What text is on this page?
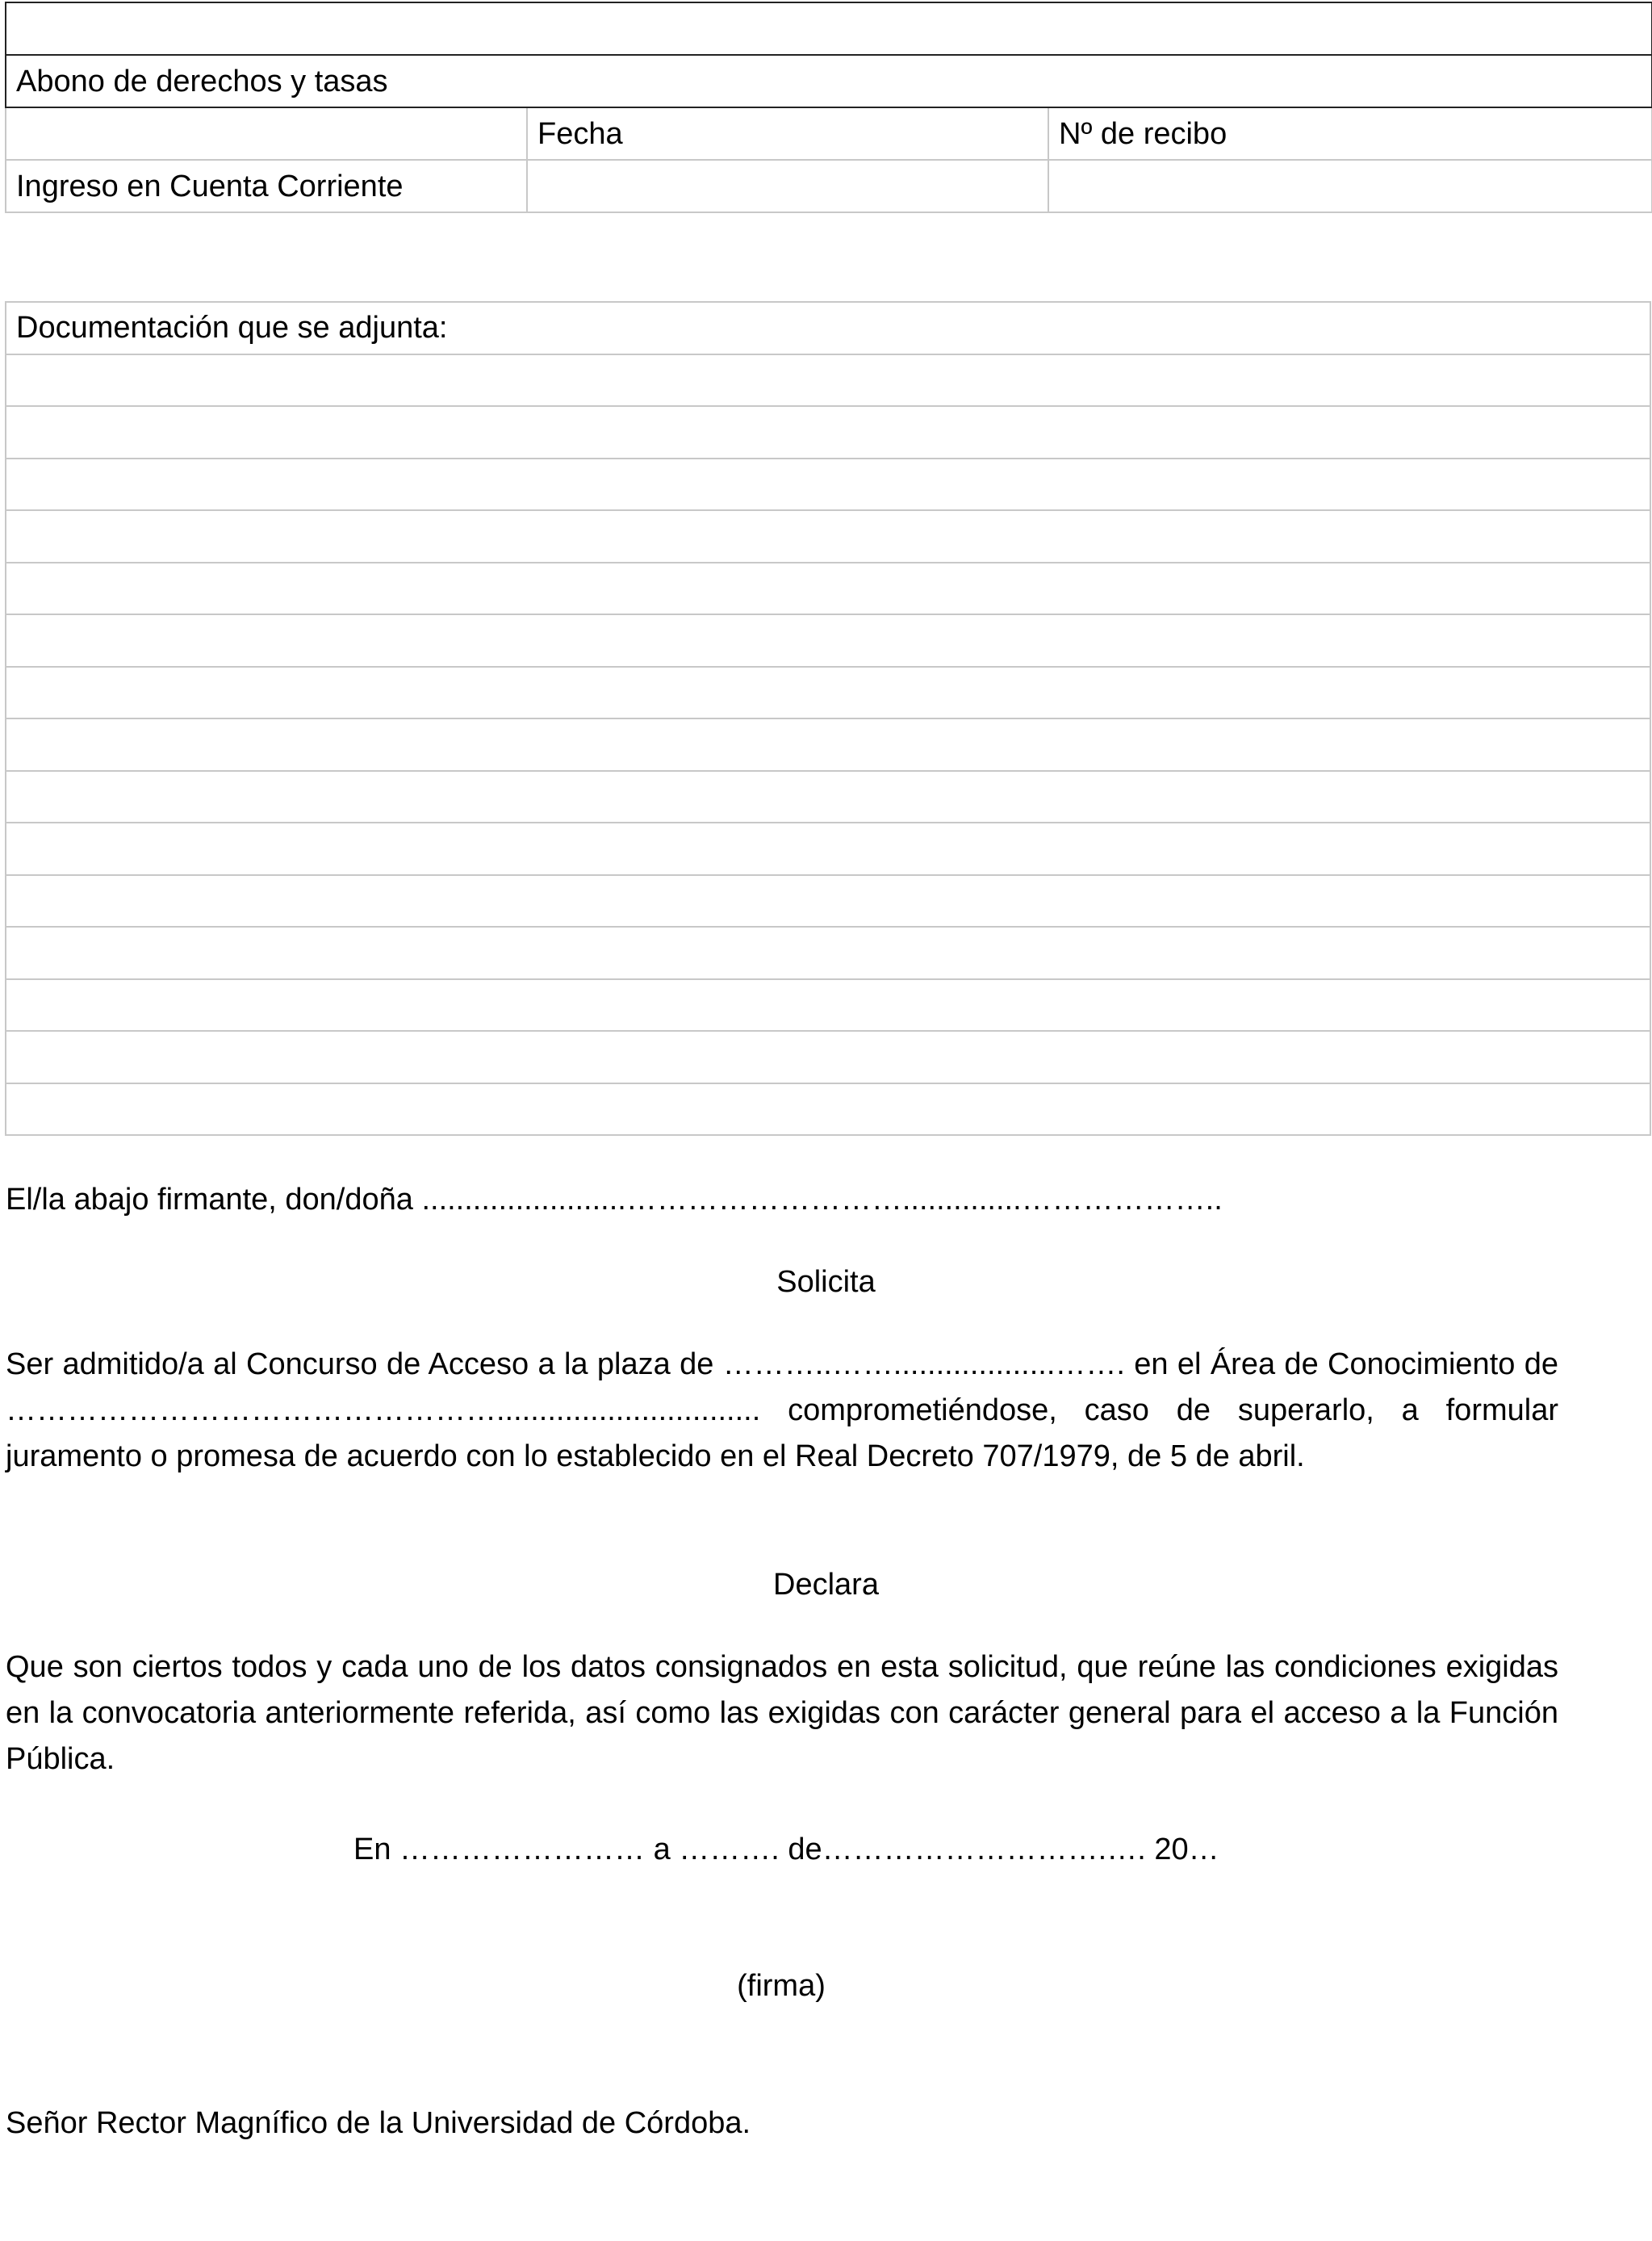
Abono de derechos y tasas		
	Fecha	Nº de recibo
Ingreso en Cuenta Corriente		
Documentación que se adjunta:

El/la abajo firmante, don/doña ........................………………………..............………………..

Solicita

Ser admitido/a al Concurso de Acceso a la plaza de ………..……...................……. en el Área de Conocimiento de …………………………………………............................... comprometiéndose, caso de superarlo, a formular juramento o promesa de acuerdo con lo establecido en el Real Decreto 707/1979, de 5 de abril.

Declara

Que son ciertos todos y cada uno de los datos consignados en esta solicitud, que reúne las condiciones exigidas en la convocatoria anteriormente referida, así como las exigidas con carácter general para el acceso a la Función Pública.

En …………………… a ………. de……………………….…. 20…

(firma)

Señor Rector Magnífico de la Universidad de Córdoba.
